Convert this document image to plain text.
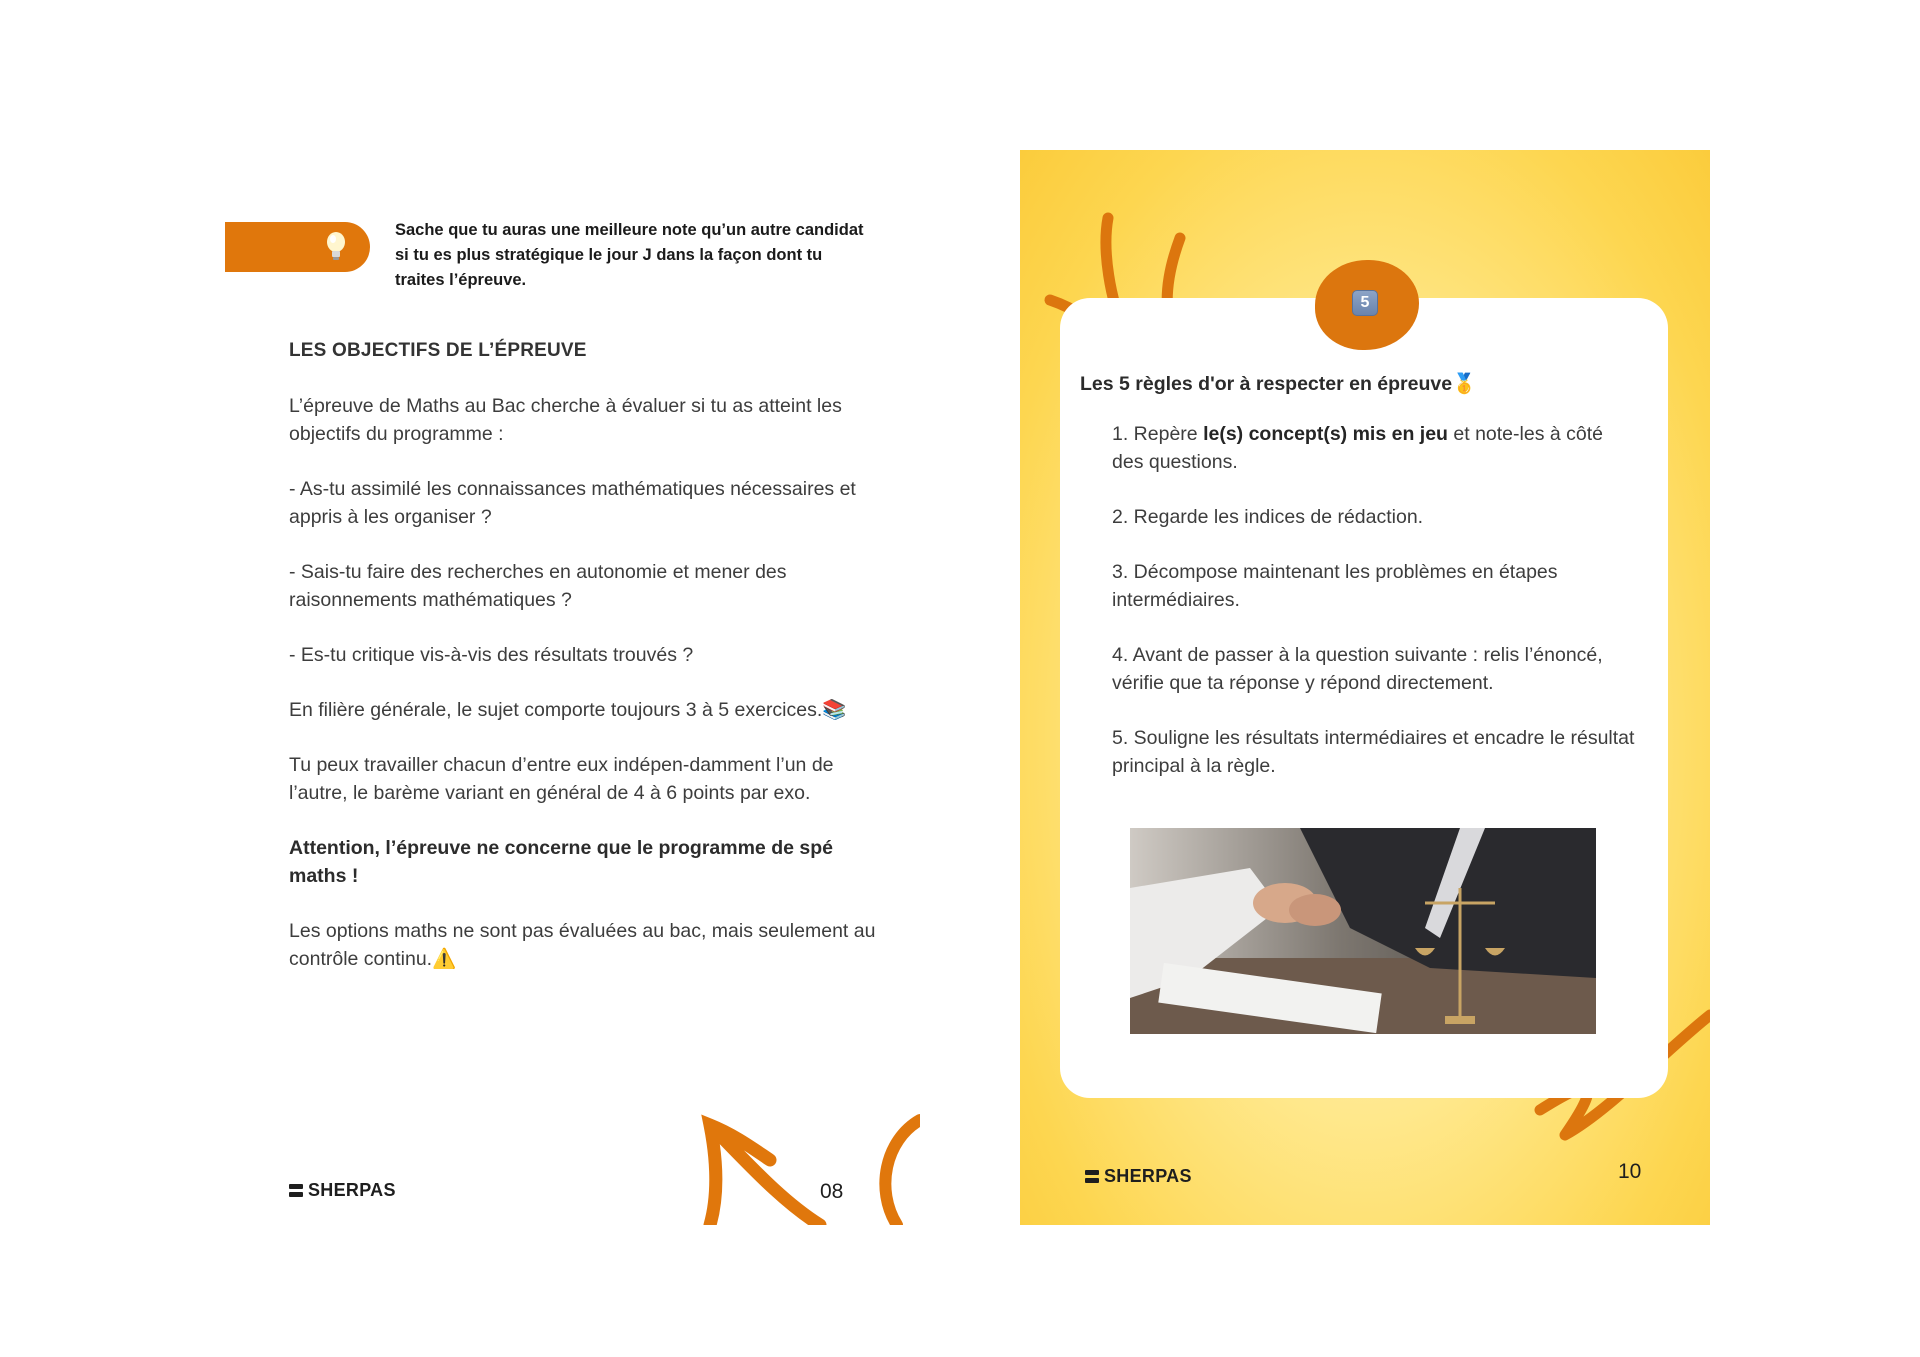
Sache que tu auras une meilleure note qu’un autre candidat si tu es plus stratégique le jour J dans la façon dont tu traites l’épreuve.
LES OBJECTIFS DE L’ÉPREUVE

L’épreuve de Maths au Bac cherche à évaluer si tu as atteint les objectifs du programme :

- As-tu assimilé les connaissances mathématiques nécessaires et appris à les organiser ?

- Sais-tu faire des recherches en autonomie et mener des raisonnements mathématiques ?

- Es-tu critique vis-à-vis des résultats trouvés ?

En filière générale, le sujet comporte toujours 3 à 5 exercices.📚

Tu peux travailler chacun d’entre eux indépen-damment l’un de l’autre, le barème variant en général de 4 à 6 points par exo.

Attention, l’épreuve ne concerne que le programme de spé maths !

Les options maths ne sont pas évaluées au bac, mais seulement au contrôle continu.⚠️

SHERPAS	08
5
Les 5 règles d'or à respecter en épreuve🥇

1. Repère le(s) concept(s) mis en jeu et note-les à côté des questions.

2. Regarde les indices de rédaction.

3. Décompose maintenant les problèmes en étapes intermédiaires.

4. Avant de passer à la question suivante : relis l’énoncé, vérifie que ta réponse y répond directement.

5. Souligne les résultats intermédiaires et encadre le résultat principal à la règle.

SHERPAS	10
